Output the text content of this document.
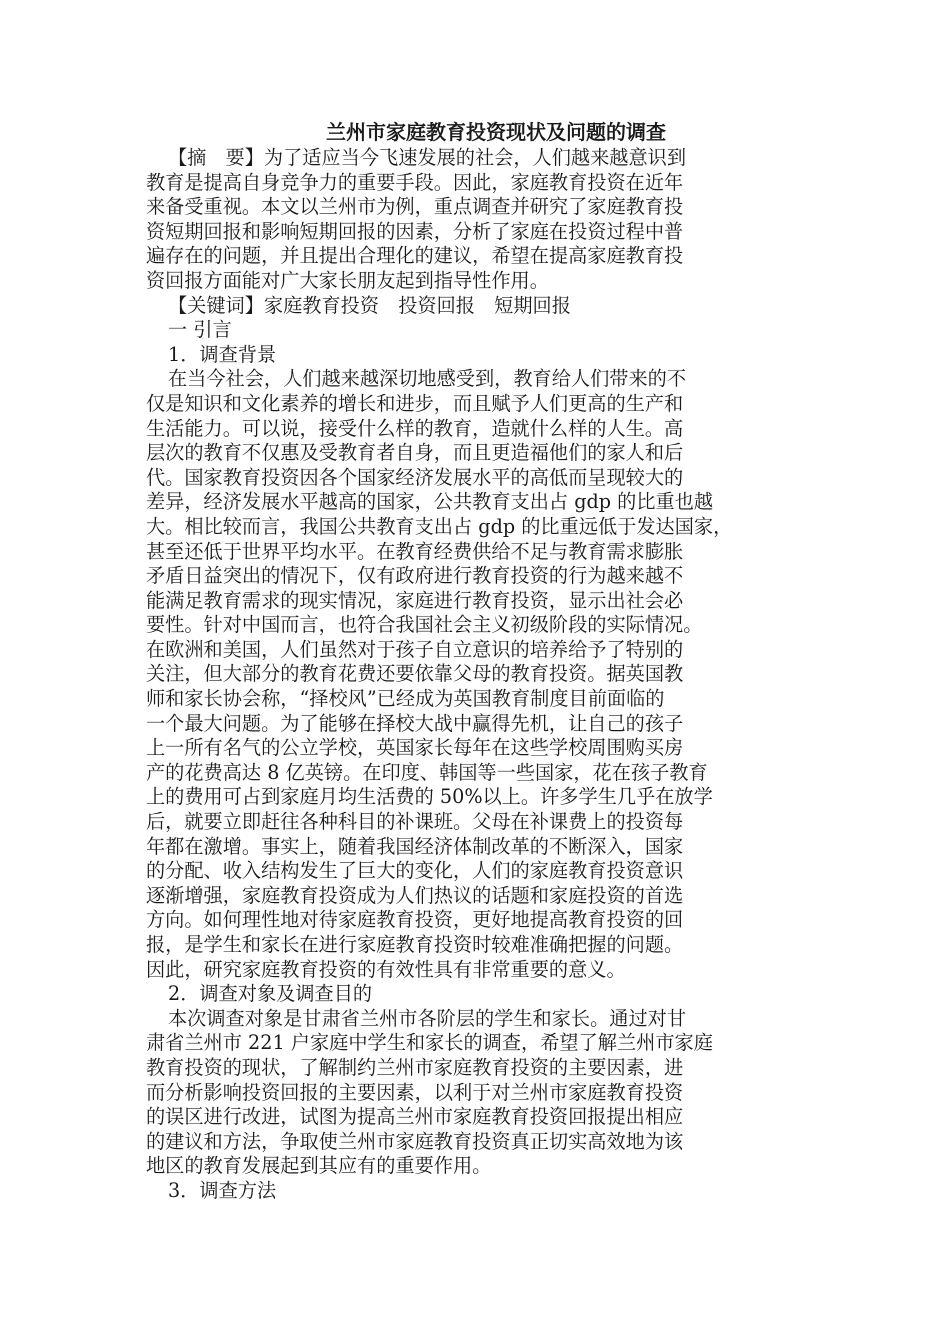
兰州市家庭教育投资现状及问题的调查
【摘　要】为了适应当今飞速发展的社会，人们越来越意识到
教育是提高自身竞争力的重要手段。因此，家庭教育投资在近年
来备受重视。本文以兰州市为例，重点调查并研究了家庭教育投
资短期回报和影响短期回报的因素，分析了家庭在投资过程中普
遍存在的问题，并且提出合理化的建议，希望在提高家庭教育投
资回报方面能对广大家长朋友起到指导性作用。
【关键词】家庭教育投资　投资回报　短期回报
一 引言
1．调查背景
在当今社会，人们越来越深切地感受到，教育给人们带来的不
仅是知识和文化素养的增长和进步，而且赋予人们更高的生产和
生活能力。可以说，接受什么样的教育，造就什么样的人生。高
层次的教育不仅惠及受教育者自身，而且更造福他们的家人和后
代。国家教育投资因各个国家经济发展水平的高低而呈现较大的
差异，经济发展水平越高的国家，公共教育支出占 gdp 的比重也越
大。相比较而言，我国公共教育支出占 gdp 的比重远低于发达国家，
甚至还低于世界平均水平。在教育经费供给不足与教育需求膨胀
矛盾日益突出的情况下，仅有政府进行教育投资的行为越来越不
能满足教育需求的现实情况，家庭进行教育投资，显示出社会必
要性。针对中国而言，也符合我国社会主义初级阶段的实际情况。
在欧洲和美国，人们虽然对于孩子自立意识的培养给予了特别的
关注，但大部分的教育花费还要依靠父母的教育投资。据英国教
师和家长协会称，“择校风”已经成为英国教育制度目前面临的
一个最大问题。为了能够在择校大战中赢得先机，让自己的孩子
上一所有名气的公立学校，英国家长每年在这些学校周围购买房
产的花费高达 8 亿英镑。在印度、韩国等一些国家，花在孩子教育
上的费用可占到家庭月均生活费的 50%以上。许多学生几乎在放学
后，就要立即赶往各种科目的补课班。父母在补课费上的投资每
年都在激增。事实上，随着我国经济体制改革的不断深入，国家
的分配、收入结构发生了巨大的变化，人们的家庭教育投资意识
逐渐增强，家庭教育投资成为人们热议的话题和家庭投资的首选
方向。如何理性地对待家庭教育投资，更好地提高教育投资的回
报，是学生和家长在进行家庭教育投资时较难准确把握的问题。
因此，研究家庭教育投资的有效性具有非常重要的意义。
2．调查对象及调查目的
本次调查对象是甘肃省兰州市各阶层的学生和家长。通过对甘
肃省兰州市 221 户家庭中学生和家长的调查，希望了解兰州市家庭
教育投资的现状，了解制约兰州市家庭教育投资的主要因素，进
而分析影响投资回报的主要因素，以利于对兰州市家庭教育投资
的误区进行改进，试图为提高兰州市家庭教育投资回报提出相应
的建议和方法，争取使兰州市家庭教育投资真正切实高效地为该
地区的教育发展起到其应有的重要作用。
3．调查方法
